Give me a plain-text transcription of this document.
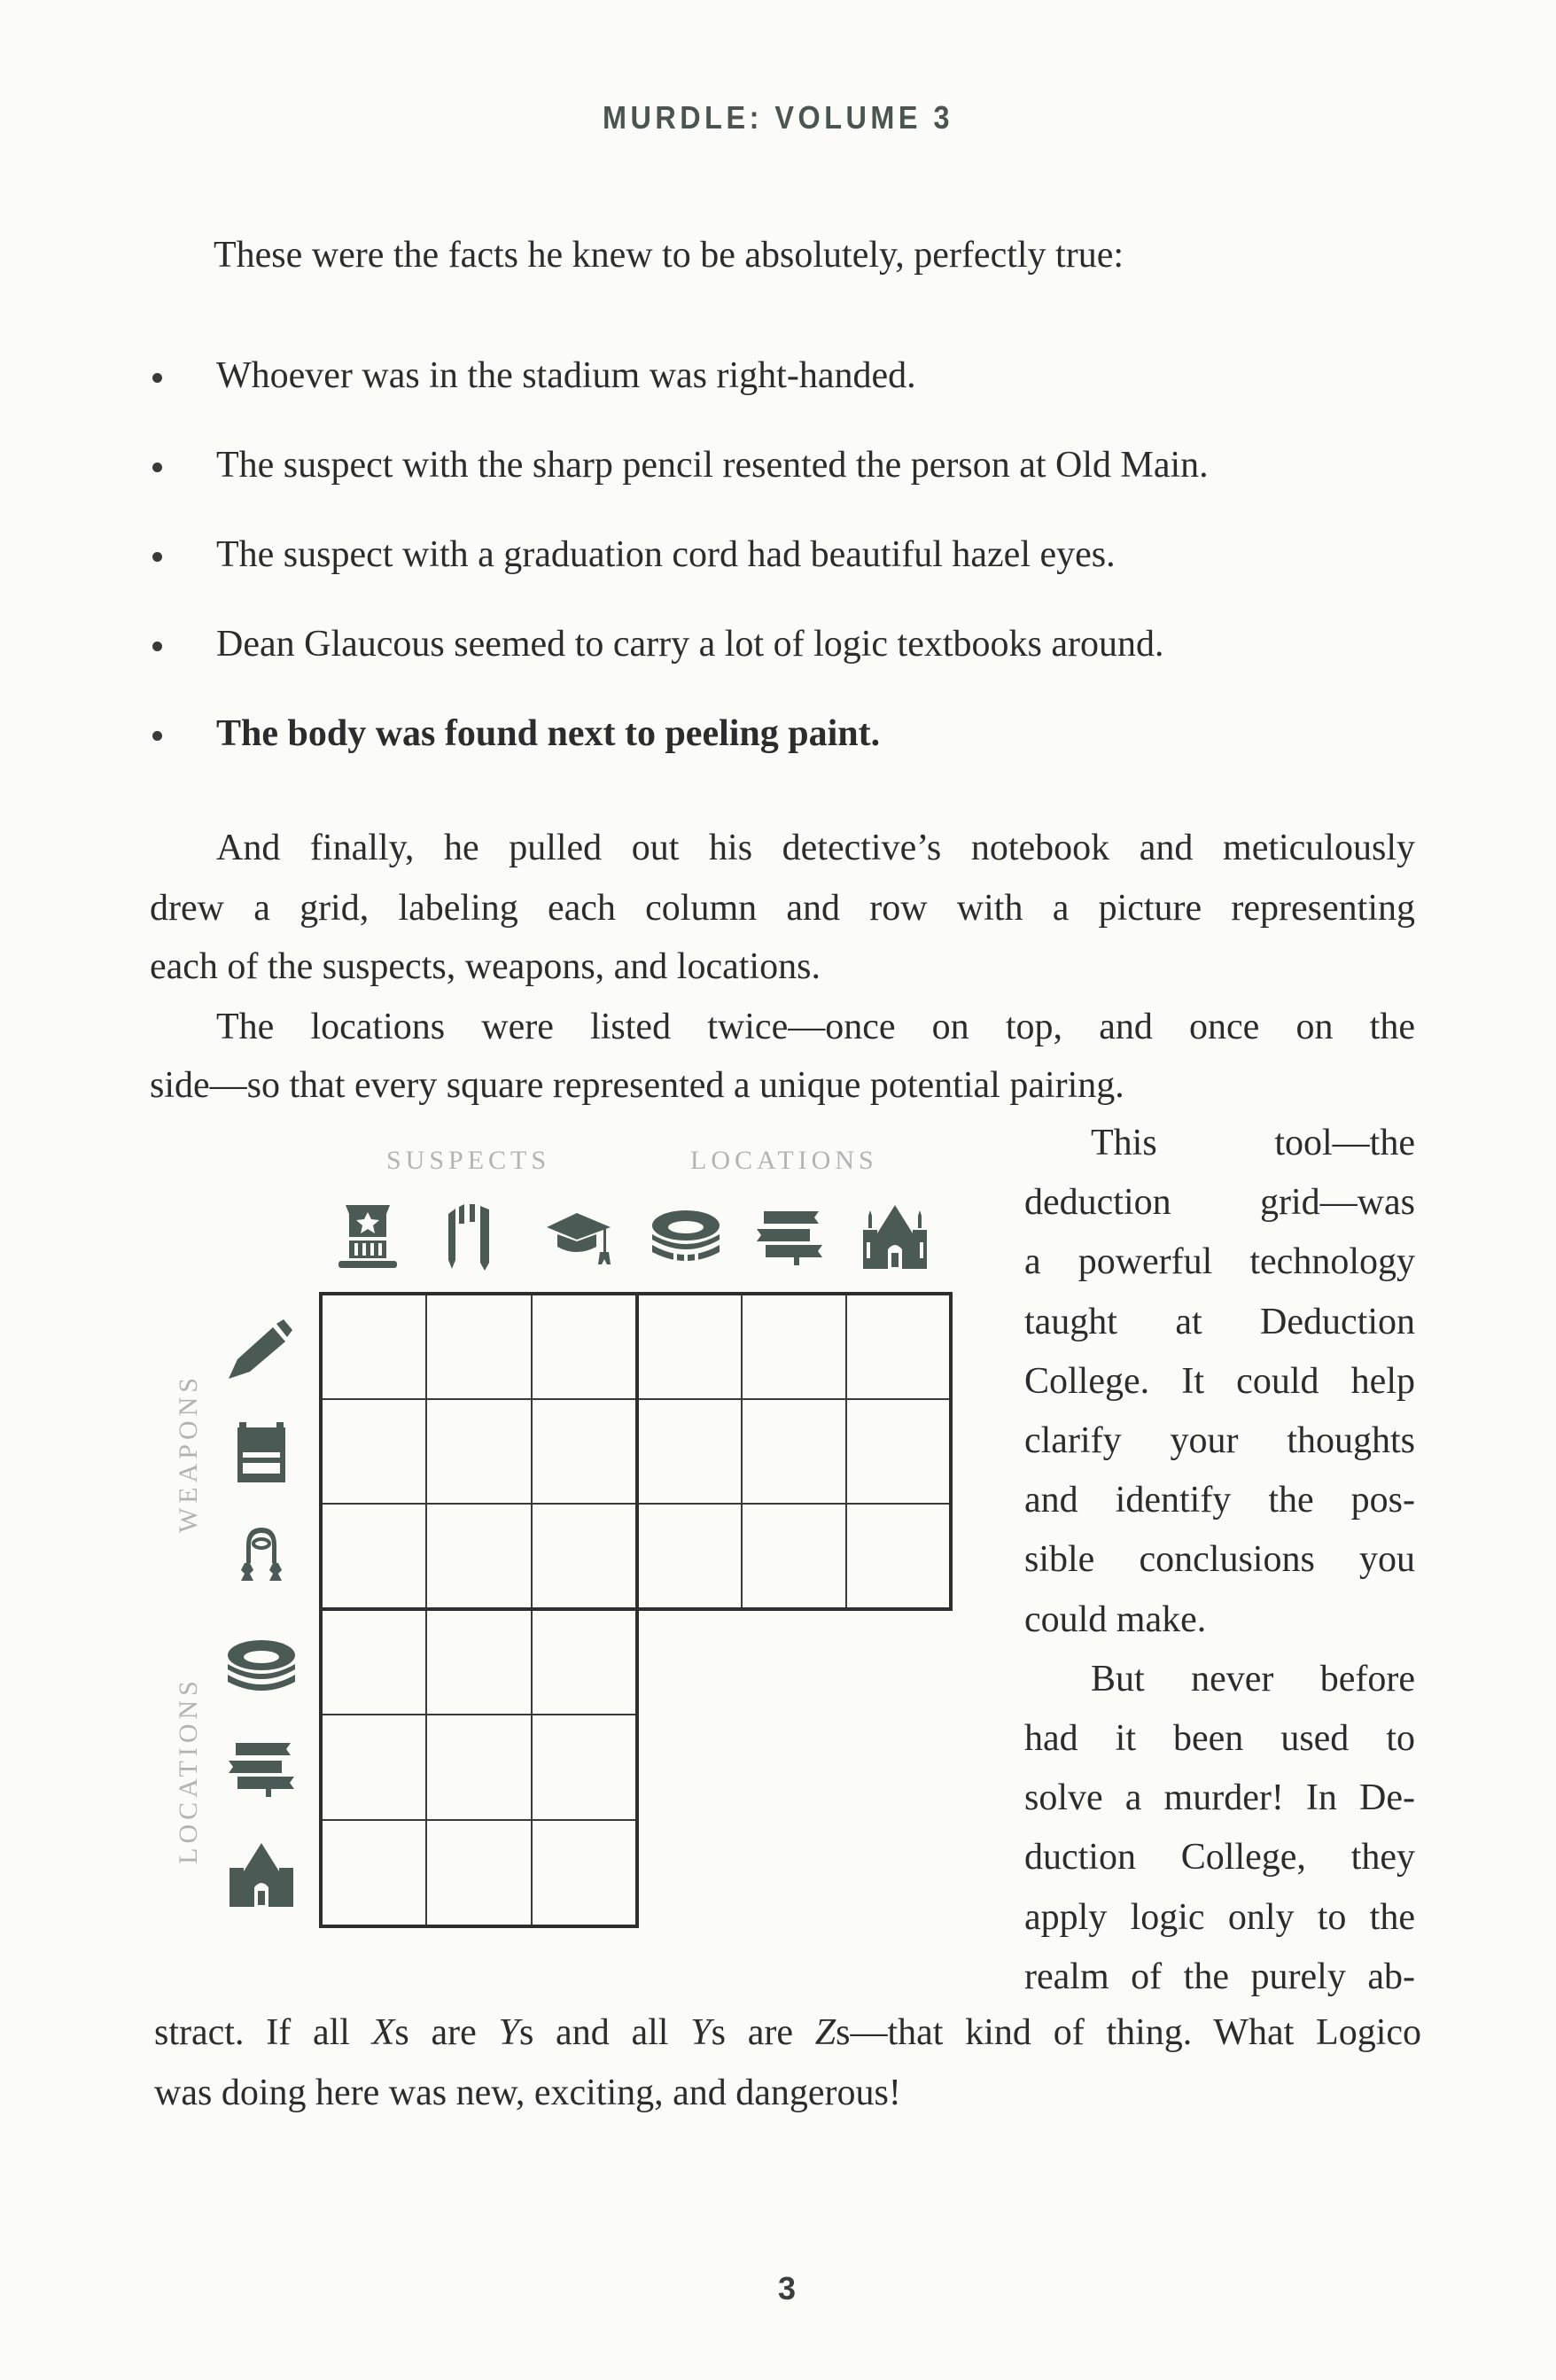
MURDLE: VOLUME 3
These were the facts he knew to be absolutely, perfectly true:
Whoever was in the stadium was right-handed.
The suspect with the sharp pencil resented the person at Old Main.
The suspect with a graduation cord had beautiful hazel eyes.
Dean Glaucous seemed to carry a lot of logic textbooks around.
The body was found next to peeling paint.
And finally, he pulled out his detective’s notebook and meticulously
drew a grid, labeling each column and row with a picture representing
each of the suspects, weapons, and locations.
The locations were listed twice—once on top, and once on the
side—so that every square represented a unique potential pairing.
This tool—the
deduction grid—was
a powerful technology
taught at Deduction
College. It could help
clarify your thoughts
and identify the pos-
sible conclusions you
could make.
But never before
had it been used to
solve a murder! In De-
duction College, they
apply logic only to the
realm of the purely ab-
stract. If all Xs are Ys and all Ys are Zs—that kind of thing. What Logico
was doing here was new, exciting, and dangerous!
SUSPECTS	LOCATIONS
WEAPONS
LOCATIONS
3
